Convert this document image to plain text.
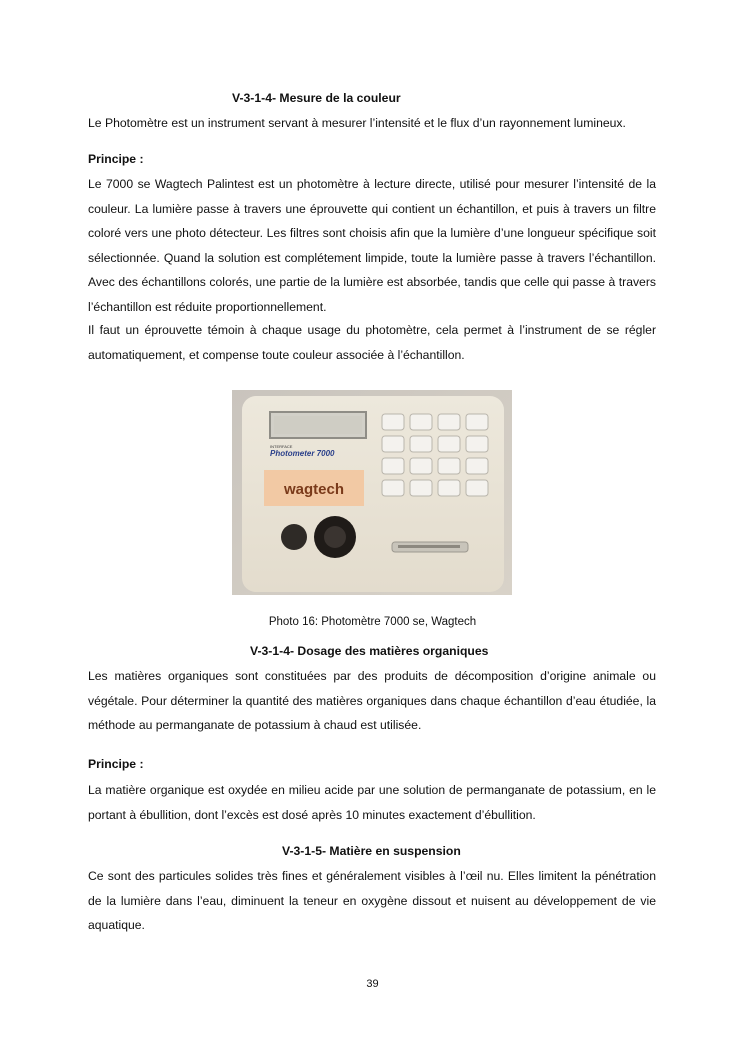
V-3-1-4- Mesure de la couleur
Le Photomètre est un instrument servant à mesurer l’intensité et le flux d’un rayonnement lumineux.
Principe :
Le 7000 se Wagtech Palintest est un photomètre à lecture directe, utilisé pour mesurer l’intensité de la couleur. La lumière passe à travers une éprouvette qui contient un échantillon, et puis à travers un filtre coloré vers une photo détecteur. Les filtres sont choisis afin que la lumière d’une longueur spécifique soit sélectionnée. Quand la solution est complétement limpide, toute la lumière passe à travers l’échantillon. Avec des échantillons colorés, une partie de la lumière est absorbée, tandis que celle qui passe à travers l’échantillon est réduite proportionnellement.
Il faut un éprouvette témoin à chaque usage du photomètre, cela permet à l’instrument de se régler automatiquement, et compense toute couleur associée à l’échantillon.
INTERFACE
Photometer 7000
wagtech
Photo 16: Photomètre 7000 se, Wagtech
V-3-1-4- Dosage des matières organiques
Les matières organiques sont constituées par des produits de décomposition d’origine animale ou végétale. Pour déterminer la quantité des matières organiques dans chaque échantillon d’eau étudiée, la méthode au permanganate de potassium à chaud est utilisée.
Principe :
La matière organique est oxydée en milieu acide par une solution de permanganate de potassium, en le portant à ébullition, dont l’excès est dosé après 10 minutes exactement d’ébullition.
V-3-1-5- Matière en suspension
Ce sont des particules solides très fines et généralement visibles à l’œil nu. Elles limitent la pénétration de la lumière dans l’eau, diminuent la teneur en oxygène dissout et nuisent au développement de vie aquatique.
39
